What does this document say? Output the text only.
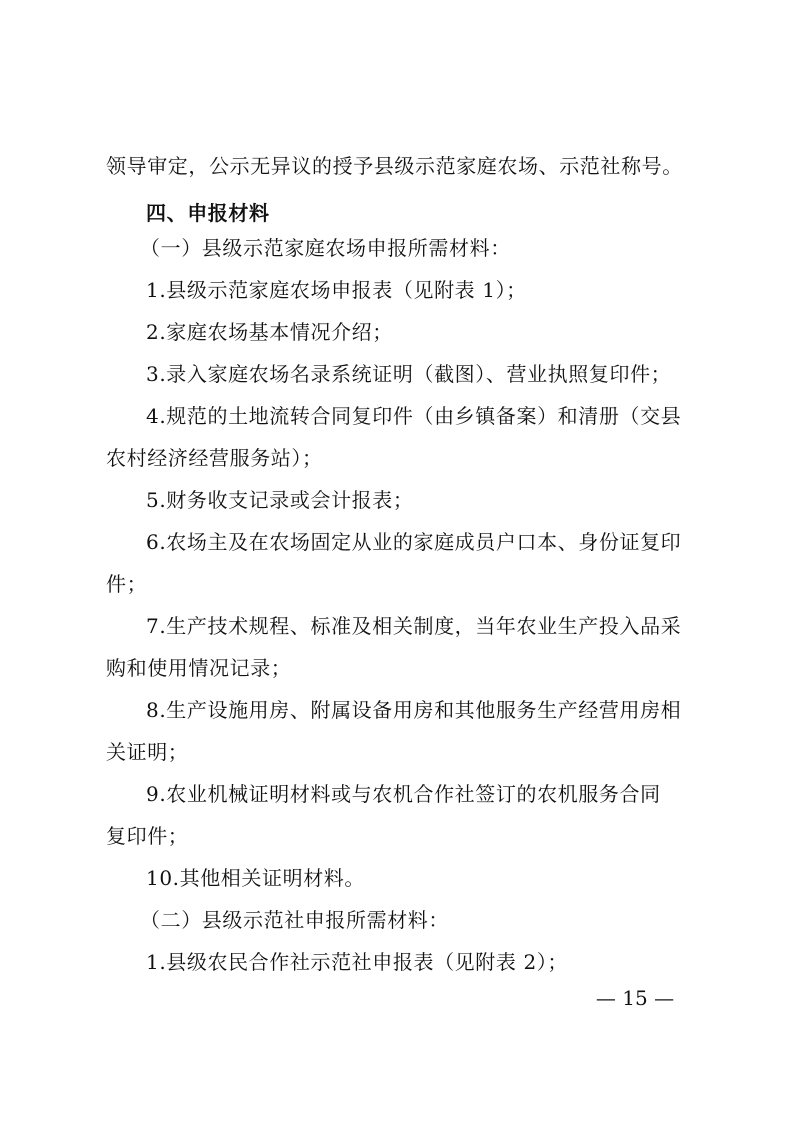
领导审定，公示无异议的授予县级示范家庭农场、示范社称号。
四、申报材料
（一）县级示范家庭农场申报所需材料：
1.县级示范家庭农场申报表（见附表 1）；
2.家庭农场基本情况介绍；
3.录入家庭农场名录系统证明（截图）、营业执照复印件；
4.规范的土地流转合同复印件（由乡镇备案）和清册（交县
农村经济经营服务站）；
5.财务收支记录或会计报表；
6.农场主及在农场固定从业的家庭成员户口本、身份证复印
件；
7.生产技术规程、标准及相关制度，当年农业生产投入品采
购和使用情况记录；
8.生产设施用房、附属设备用房和其他服务生产经营用房相
关证明；
9.农业机械证明材料或与农机合作社签订的农机服务合同
复印件；
10.其他相关证明材料。
（二）县级示范社申报所需材料：
1.县级农民合作社示范社申报表（见附表 2）；
— 15 —
